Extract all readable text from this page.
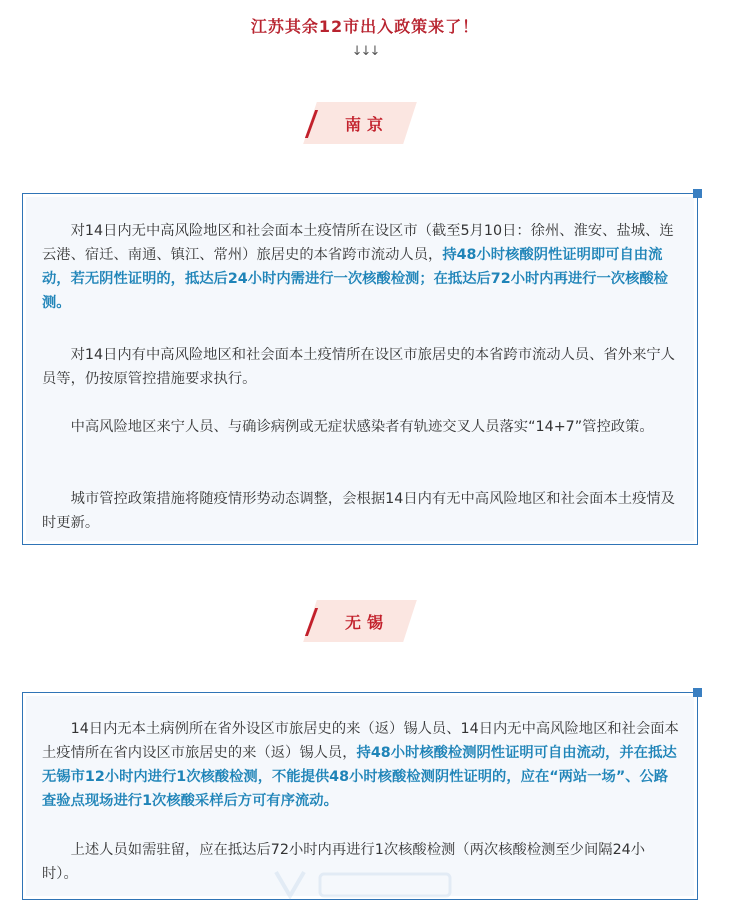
江苏其余12市出入政策来了！
↓↓↓
南京

对14日内无中高风险地区和社会面本土疫情所在设区市（截至5月10日：徐州、淮安、盐城、连云港、宿迁、南通、镇江、常州）旅居史的本省跨市流动人员，持48小时核酸阴性证明即可自由流动，若无阴性证明的，抵达后24小时内需进行一次核酸检测；在抵达后72小时内再进行一次核酸检测。

对14日内有中高风险地区和社会面本土疫情所在设区市旅居史的本省跨市流动人员、省外来宁人员等，仍按原管控措施要求执行。

中高风险地区来宁人员、与确诊病例或无症状感染者有轨迹交叉人员落实“14+7”管控政策。

城市管控政策措施将随疫情形势动态调整，会根据14日内有无中高风险地区和社会面本土疫情及时更新。

无锡

14日内无本土病例所在省外设区市旅居史的来（返）锡人员、14日内无中高风险地区和社会面本土疫情所在省内设区市旅居史的来（返）锡人员，持48小时核酸检测阴性证明可自由流动，并在抵达无锡市12小时内进行1次核酸检测，不能提供48小时核酸检测阴性证明的，应在“两站一场”、公路查验点现场进行1次核酸采样后方可有序流动。

上述人员如需驻留，应在抵达后72小时内再进行1次核酸检测（两次核酸检测至少间隔24小时）。
